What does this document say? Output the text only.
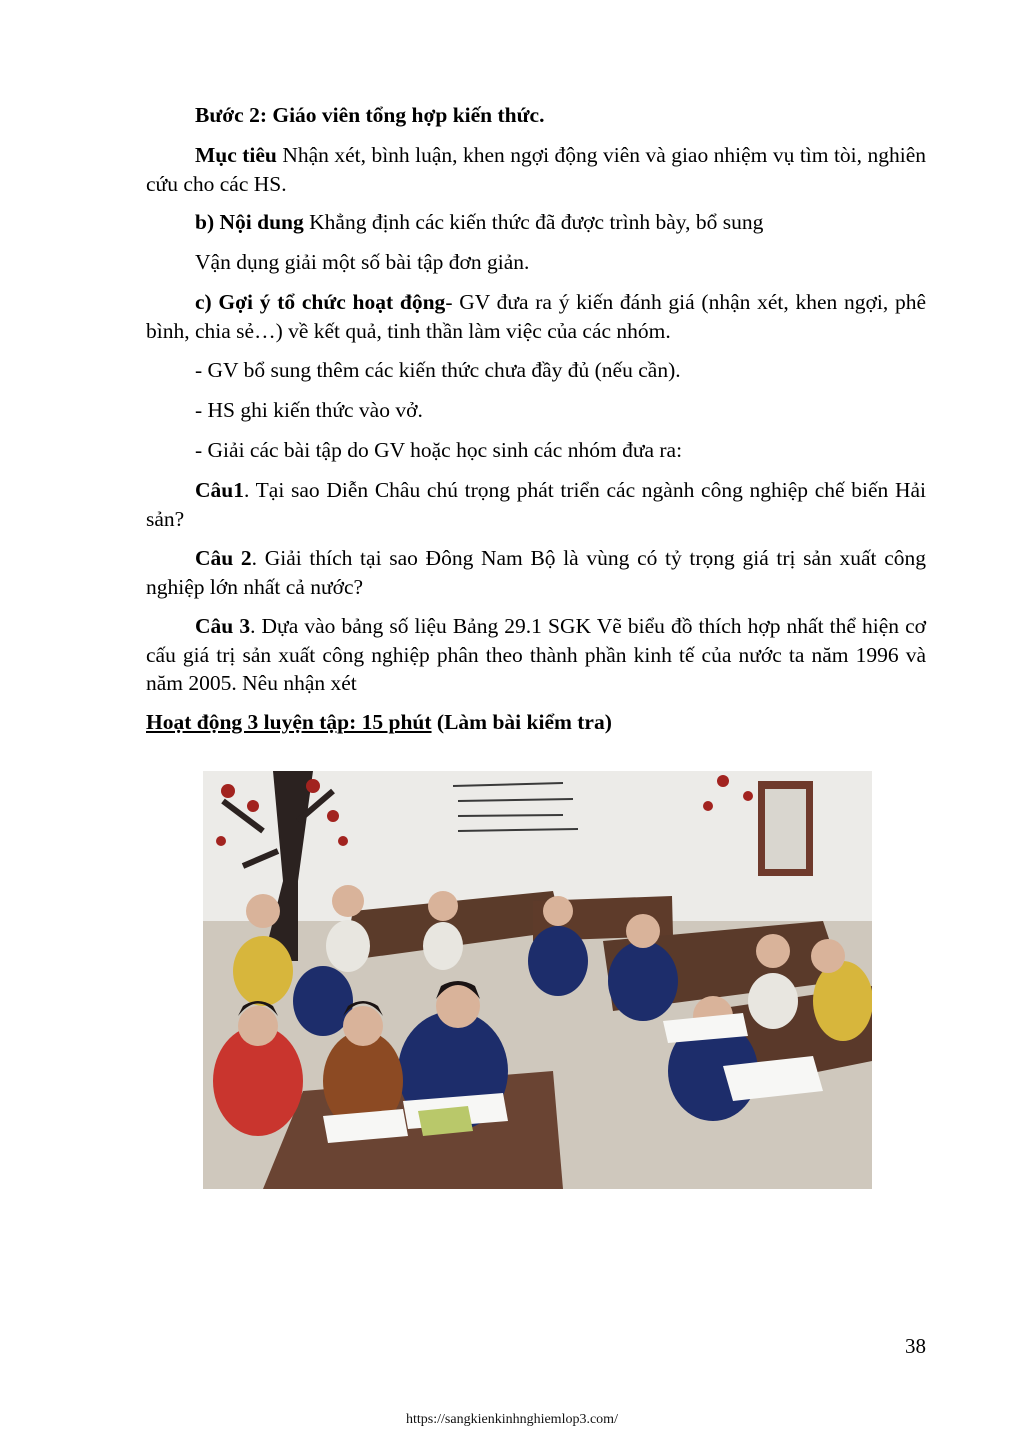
Bước 2: Giáo viên tổng hợp kiến thức.

Mục tiêu Nhận xét, bình luận, khen ngợi động viên và giao nhiệm vụ tìm tòi, nghiên cứu cho các HS.

b) Nội dung Khẳng định các kiến thức đã được trình bày, bổ sung

Vận dụng giải một số bài tập đơn giản.

c) Gợi ý tổ chức hoạt động- GV đưa ra ý kiến đánh giá (nhận xét, khen ngợi, phê bình, chia sẻ…) về kết quả, tinh thần làm việc của các nhóm.

- GV bổ sung thêm các kiến thức chưa đầy đủ (nếu cần).

- HS ghi kiến thức vào vở.

- Giải các bài tập do GV hoặc học sinh các nhóm đưa ra:

Câu1. Tại sao Diễn Châu chú trọng phát triển các ngành công nghiệp chế biến Hải sản?

Câu 2. Giải thích tại sao Đông Nam Bộ là vùng có tỷ trọng giá trị sản xuất công nghiệp lớn nhất cả nước?

Câu 3. Dựa vào bảng số liệu Bảng 29.1 SGK Vẽ biểu đồ thích hợp nhất thể hiện cơ cấu giá trị sản xuất công nghiệp phân theo thành phần kinh tế của nước ta năm 1996 và năm 2005. Nêu nhận xét

Hoạt động 3 luyện tập: 15 phút (Làm bài kiểm tra)

38
https://sangkienkinhnghiemlop3.com/
